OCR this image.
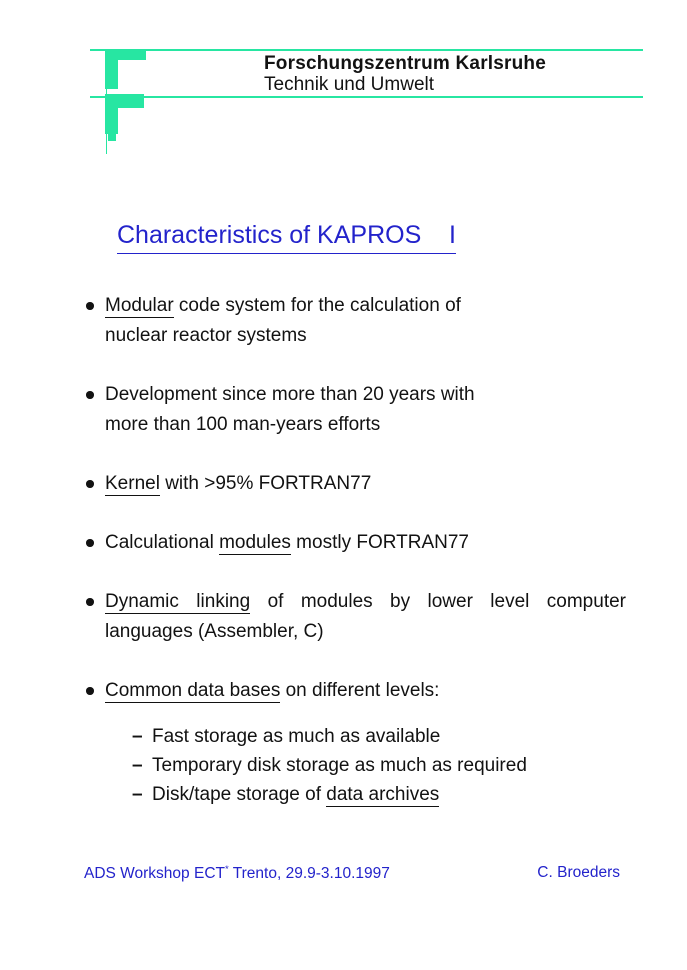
Forschungszentrum Karlsruhe
Technik und Umwelt
Characteristics of KAPROS    I
Modular code system for the calculation of
nuclear reactor systems
Development since more than 20 years with
more than 100 man-years efforts
Kernel with >95% FORTRAN77
Calculational modules mostly FORTRAN77
Dynamic linking of modules by lower level computer
languages (Assembler, C)
Common data bases on different levels:
– Fast storage as much as available
– Temporary disk storage as much as required
– Disk/tape storage of data archives
ADS Workshop ECT* Trento, 29.9-3.10.1997	C. Broeders
